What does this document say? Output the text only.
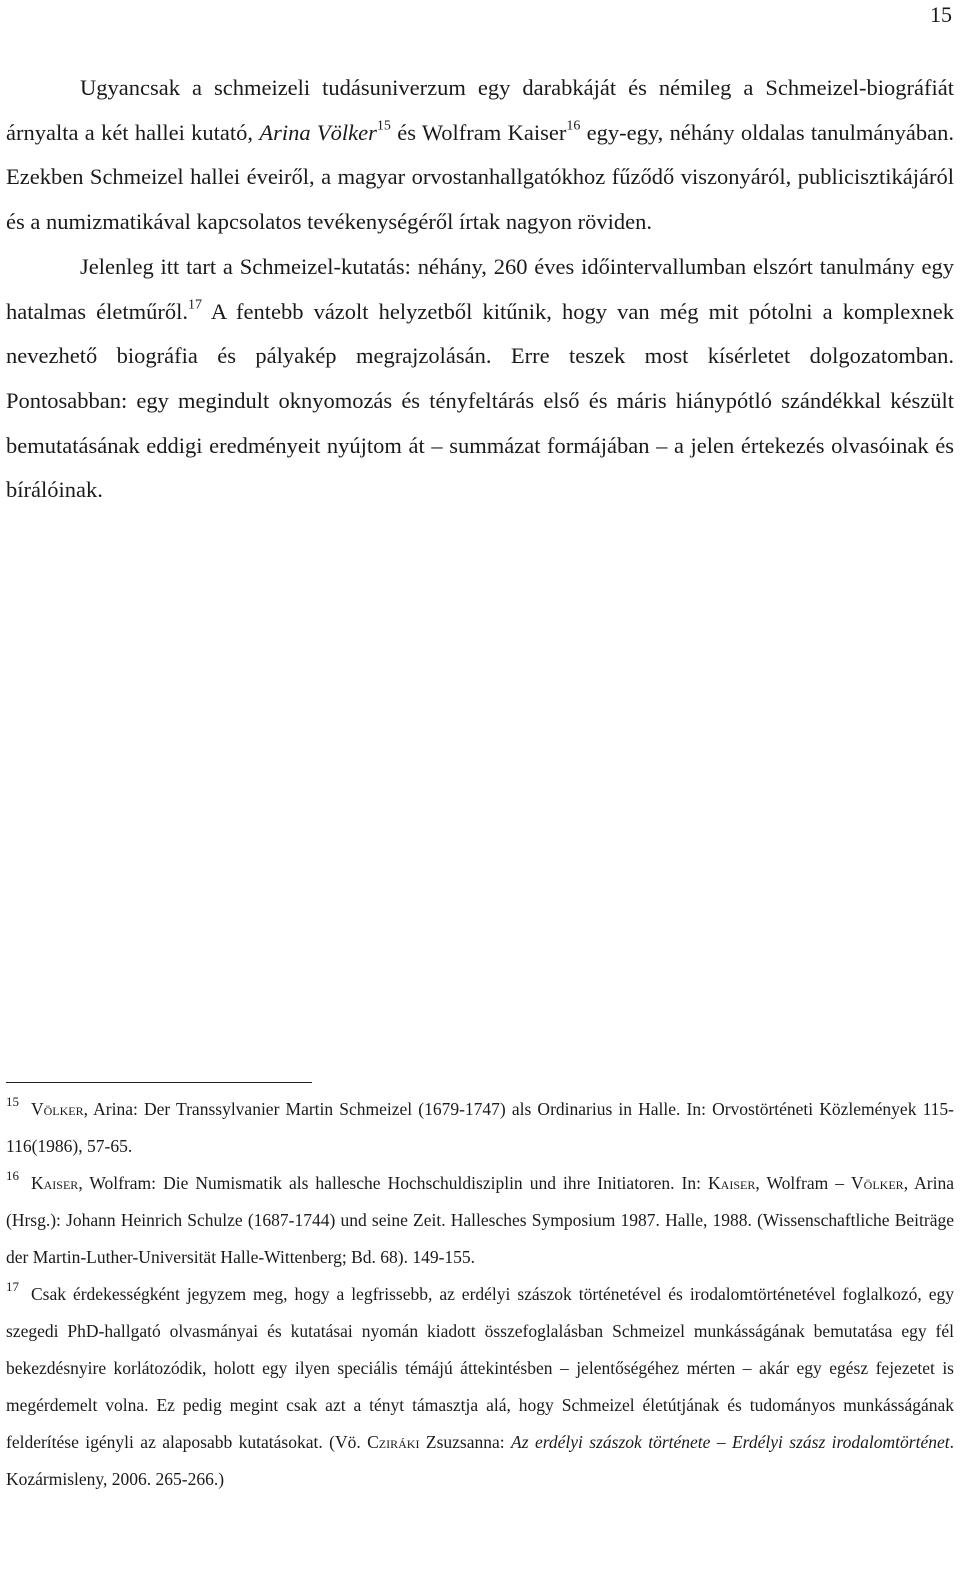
15

Ugyancsak a schmeizeli tudásuniverzum egy darabkáját és némileg a Schmeizel-biográfiát árnyalta a két hallei kutató, Arina Völker$^{15}$ és Wolfram Kaiser$^{16}$ egy-egy, néhány oldalas tanulmányában. Ezekben Schmeizel hallei éveiről, a magyar orvostanhallgatókhoz fűződő viszonyáról, publicisztikájáról és a numizmatikával kapcsolatos tevékenységéről írtak nagyon röviden.

Jelenleg itt tart a Schmeizel-kutatás: néhány, 260 éves időintervallumban elszórt tanulmány egy hatalmas életműről.$^{17}$ A fentebb vázolt helyzetből kitűnik, hogy van még mit pótolni a komplexnek nevezhető biográfia és pályakép megrajzolásán. Erre teszek most kísérletet dolgozatomban. Pontosabban: egy megindult oknyomozás és tényfeltárás első és máris hiánypótló szándékkal készült bemutatásának eddigi eredményeit nyújtom át – summázat formájában – a jelen értekezés olvasóinak és bírálóinak.

$^{15}$ Völker, Arina: Der Transsylvanier Martin Schmeizel (1679-1747) als Ordinarius in Halle. In: Orvostörténeti Közlemények 115-116(1986), 57-65.

$^{16}$ Kaiser, Wolfram: Die Numismatik als hallesche Hochschuldisziplin und ihre Initiatoren. In: Kaiser, Wolfram – Völker, Arina (Hrsg.): Johann Heinrich Schulze (1687-1744) und seine Zeit. Hallesches Symposium 1987. Halle, 1988. (Wissenschaftliche Beiträge der Martin-Luther-Universität Halle-Wittenberg; Bd. 68). 149-155.

$^{17}$ Csak érdekességként jegyzem meg, hogy a legfrissebb, az erdélyi szászok történetével és irodalomtörténetével foglalkozó, egy szegedi PhD-hallgató olvasmányai és kutatásai nyomán kiadott összefoglalásban Schmeizel munkásságának bemutatása egy fél bekezdésnyire korlátozódik, holott egy ilyen speciális témájú áttekintésben – jelentőségéhez mérten – akár egy egész fejezetet is megérdemelt volna. Ez pedig megint csak azt a tényt támasztja alá, hogy Schmeizel életútjának és tudományos munkásságának felderítése igényli az alaposabb kutatásokat. (Vö. Cziráki Zsuzsanna: Az erdélyi szászok története – Erdélyi szász irodalomtörténet. Kozármisleny, 2006. 265-266.)
